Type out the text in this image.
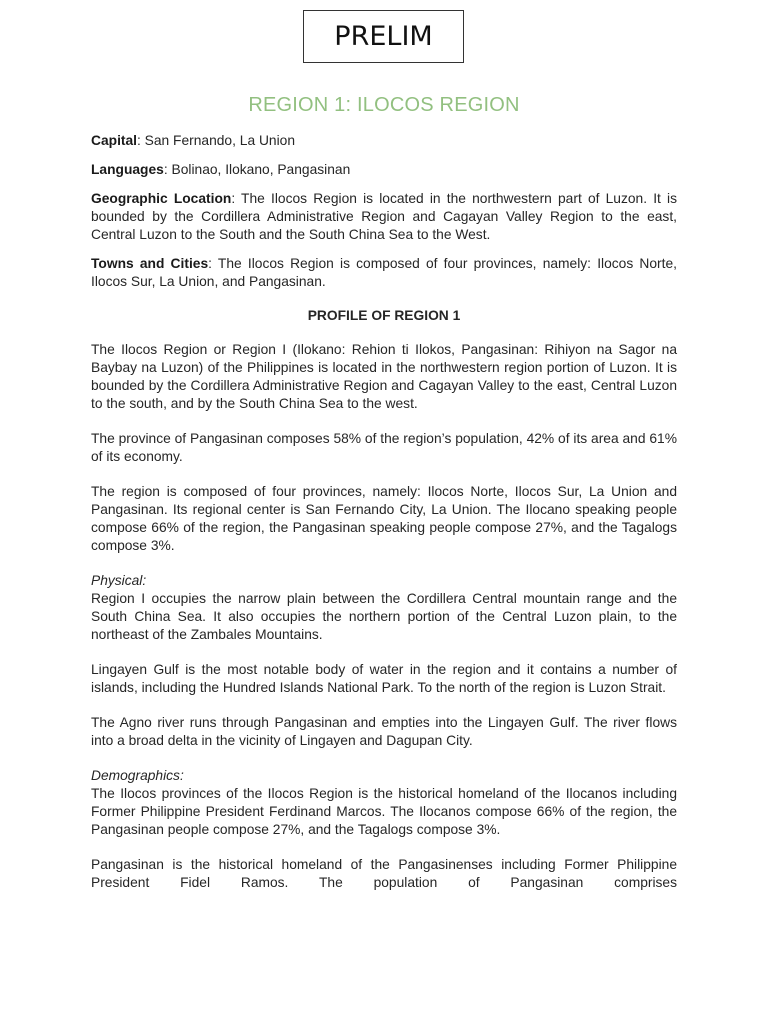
PRELIM
REGION 1: ILOCOS REGION

Capital: San Fernando, La Union

Languages: Bolinao, Ilokano, Pangasinan

Geographic Location: The Ilocos Region is located in the northwestern part of Luzon. It is bounded by the Cordillera Administrative Region and Cagayan Valley Region to the east, Central Luzon to the South and the South China Sea to the West.

Towns and Cities: The Ilocos Region is composed of four provinces, namely: Ilocos Norte, Ilocos Sur, La Union, and Pangasinan.

PROFILE OF REGION 1

The Ilocos Region or Region I (Ilokano: Rehion ti Ilokos, Pangasinan: Rihiyon na Sagor na Baybay na Luzon) of the Philippines is located in the northwestern region portion of Luzon. It is bounded by the Cordillera Administrative Region and Cagayan Valley to the east, Central Luzon to the south, and by the South China Sea to the west.

The province of Pangasinan composes 58% of the region’s population, 42% of its area and 61% of its economy.

The region is composed of four provinces, namely: Ilocos Norte, Ilocos Sur, La Union and Pangasinan. Its regional center is San Fernando City, La Union. The Ilocano speaking people compose 66% of the region, the Pangasinan speaking people compose 27%, and the Tagalogs compose 3%.

Physical:

Region I occupies the narrow plain between the Cordillera Central mountain range and the South China Sea. It also occupies the northern portion of the Central Luzon plain, to the northeast of the Zambales Mountains.

Lingayen Gulf is the most notable body of water in the region and it contains a number of islands, including the Hundred Islands National Park. To the north of the region is Luzon Strait.

The Agno river runs through Pangasinan and empties into the Lingayen Gulf. The river flows into a broad delta in the vicinity of Lingayen and Dagupan City.

Demographics:

The Ilocos provinces of the Ilocos Region is the historical homeland of the Ilocanos including Former Philippine President Ferdinand Marcos. The Ilocanos compose 66% of the region, the Pangasinan people compose 27%, and the Tagalogs compose 3%.

Pangasinan is the historical homeland of the Pangasinenses including Former Philippine President Fidel Ramos. The population of Pangasinan comprises
